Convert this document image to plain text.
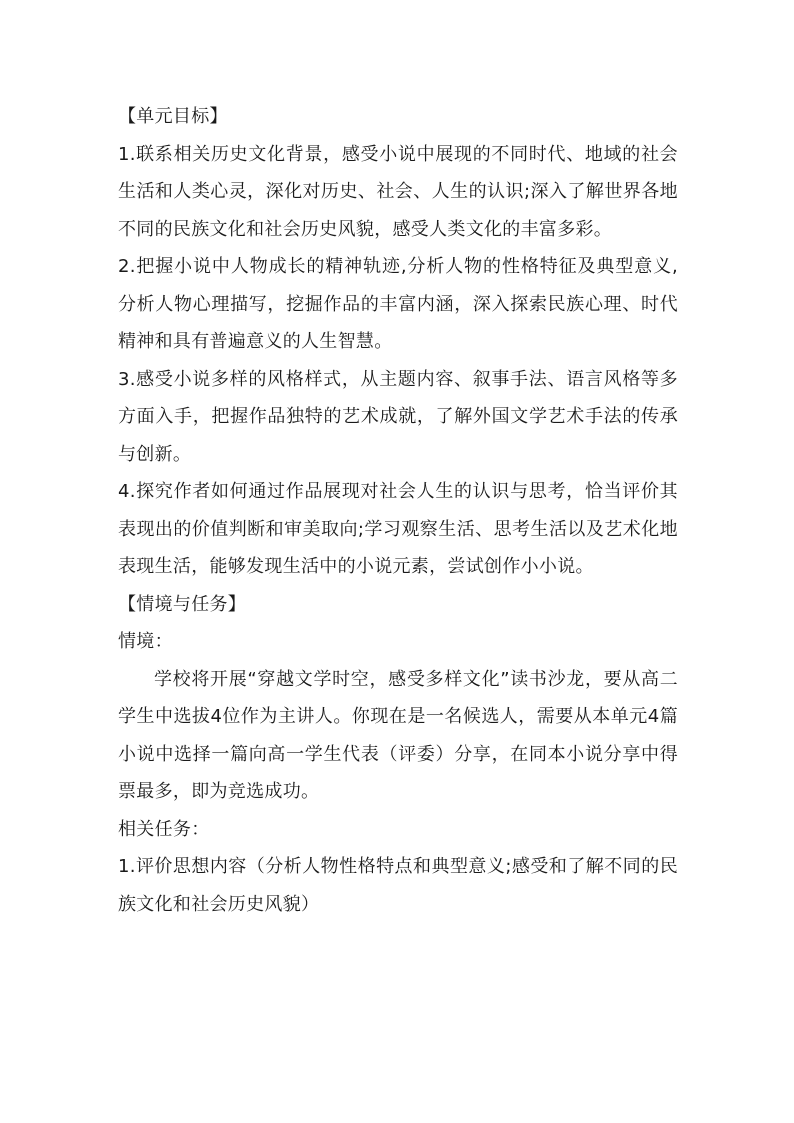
【单元目标】

1.联系相关历史文化背景，感受小说中展现的不同时代、地域的社会生活和人类心灵，深化对历史、社会、人生的认识;深入了解世界各地不同的民族文化和社会历史风貌，感受人类文化的丰富多彩。

2.把握小说中人物成长的精神轨迹,分析人物的性格特征及典型意义,分析人物心理描写，挖掘作品的丰富内涵，深入探索民族心理、时代精神和具有普遍意义的人生智慧。

3.感受小说多样的风格样式，从主题内容、叙事手法、语言风格等多方面入手，把握作品独特的艺术成就，了解外国文学艺术手法的传承与创新。

4.探究作者如何通过作品展现对社会人生的认识与思考，恰当评价其表现出的价值判断和审美取向;学习观察生活、思考生活以及艺术化地表现生活，能够发现生活中的小说元素，尝试创作小小说。

【情境与任务】

情境：

学校将开展“穿越文学时空，感受多样文化”读书沙龙，要从高二学生中选拔4位作为主讲人。你现在是一名候选人，需要从本单元4篇小说中选择一篇向高一学生代表（评委）分享，在同本小说分享中得票最多，即为竞选成功。

相关任务：

1.评价思想内容（分析人物性格特点和典型意义;感受和了解不同的民族文化和社会历史风貌）
